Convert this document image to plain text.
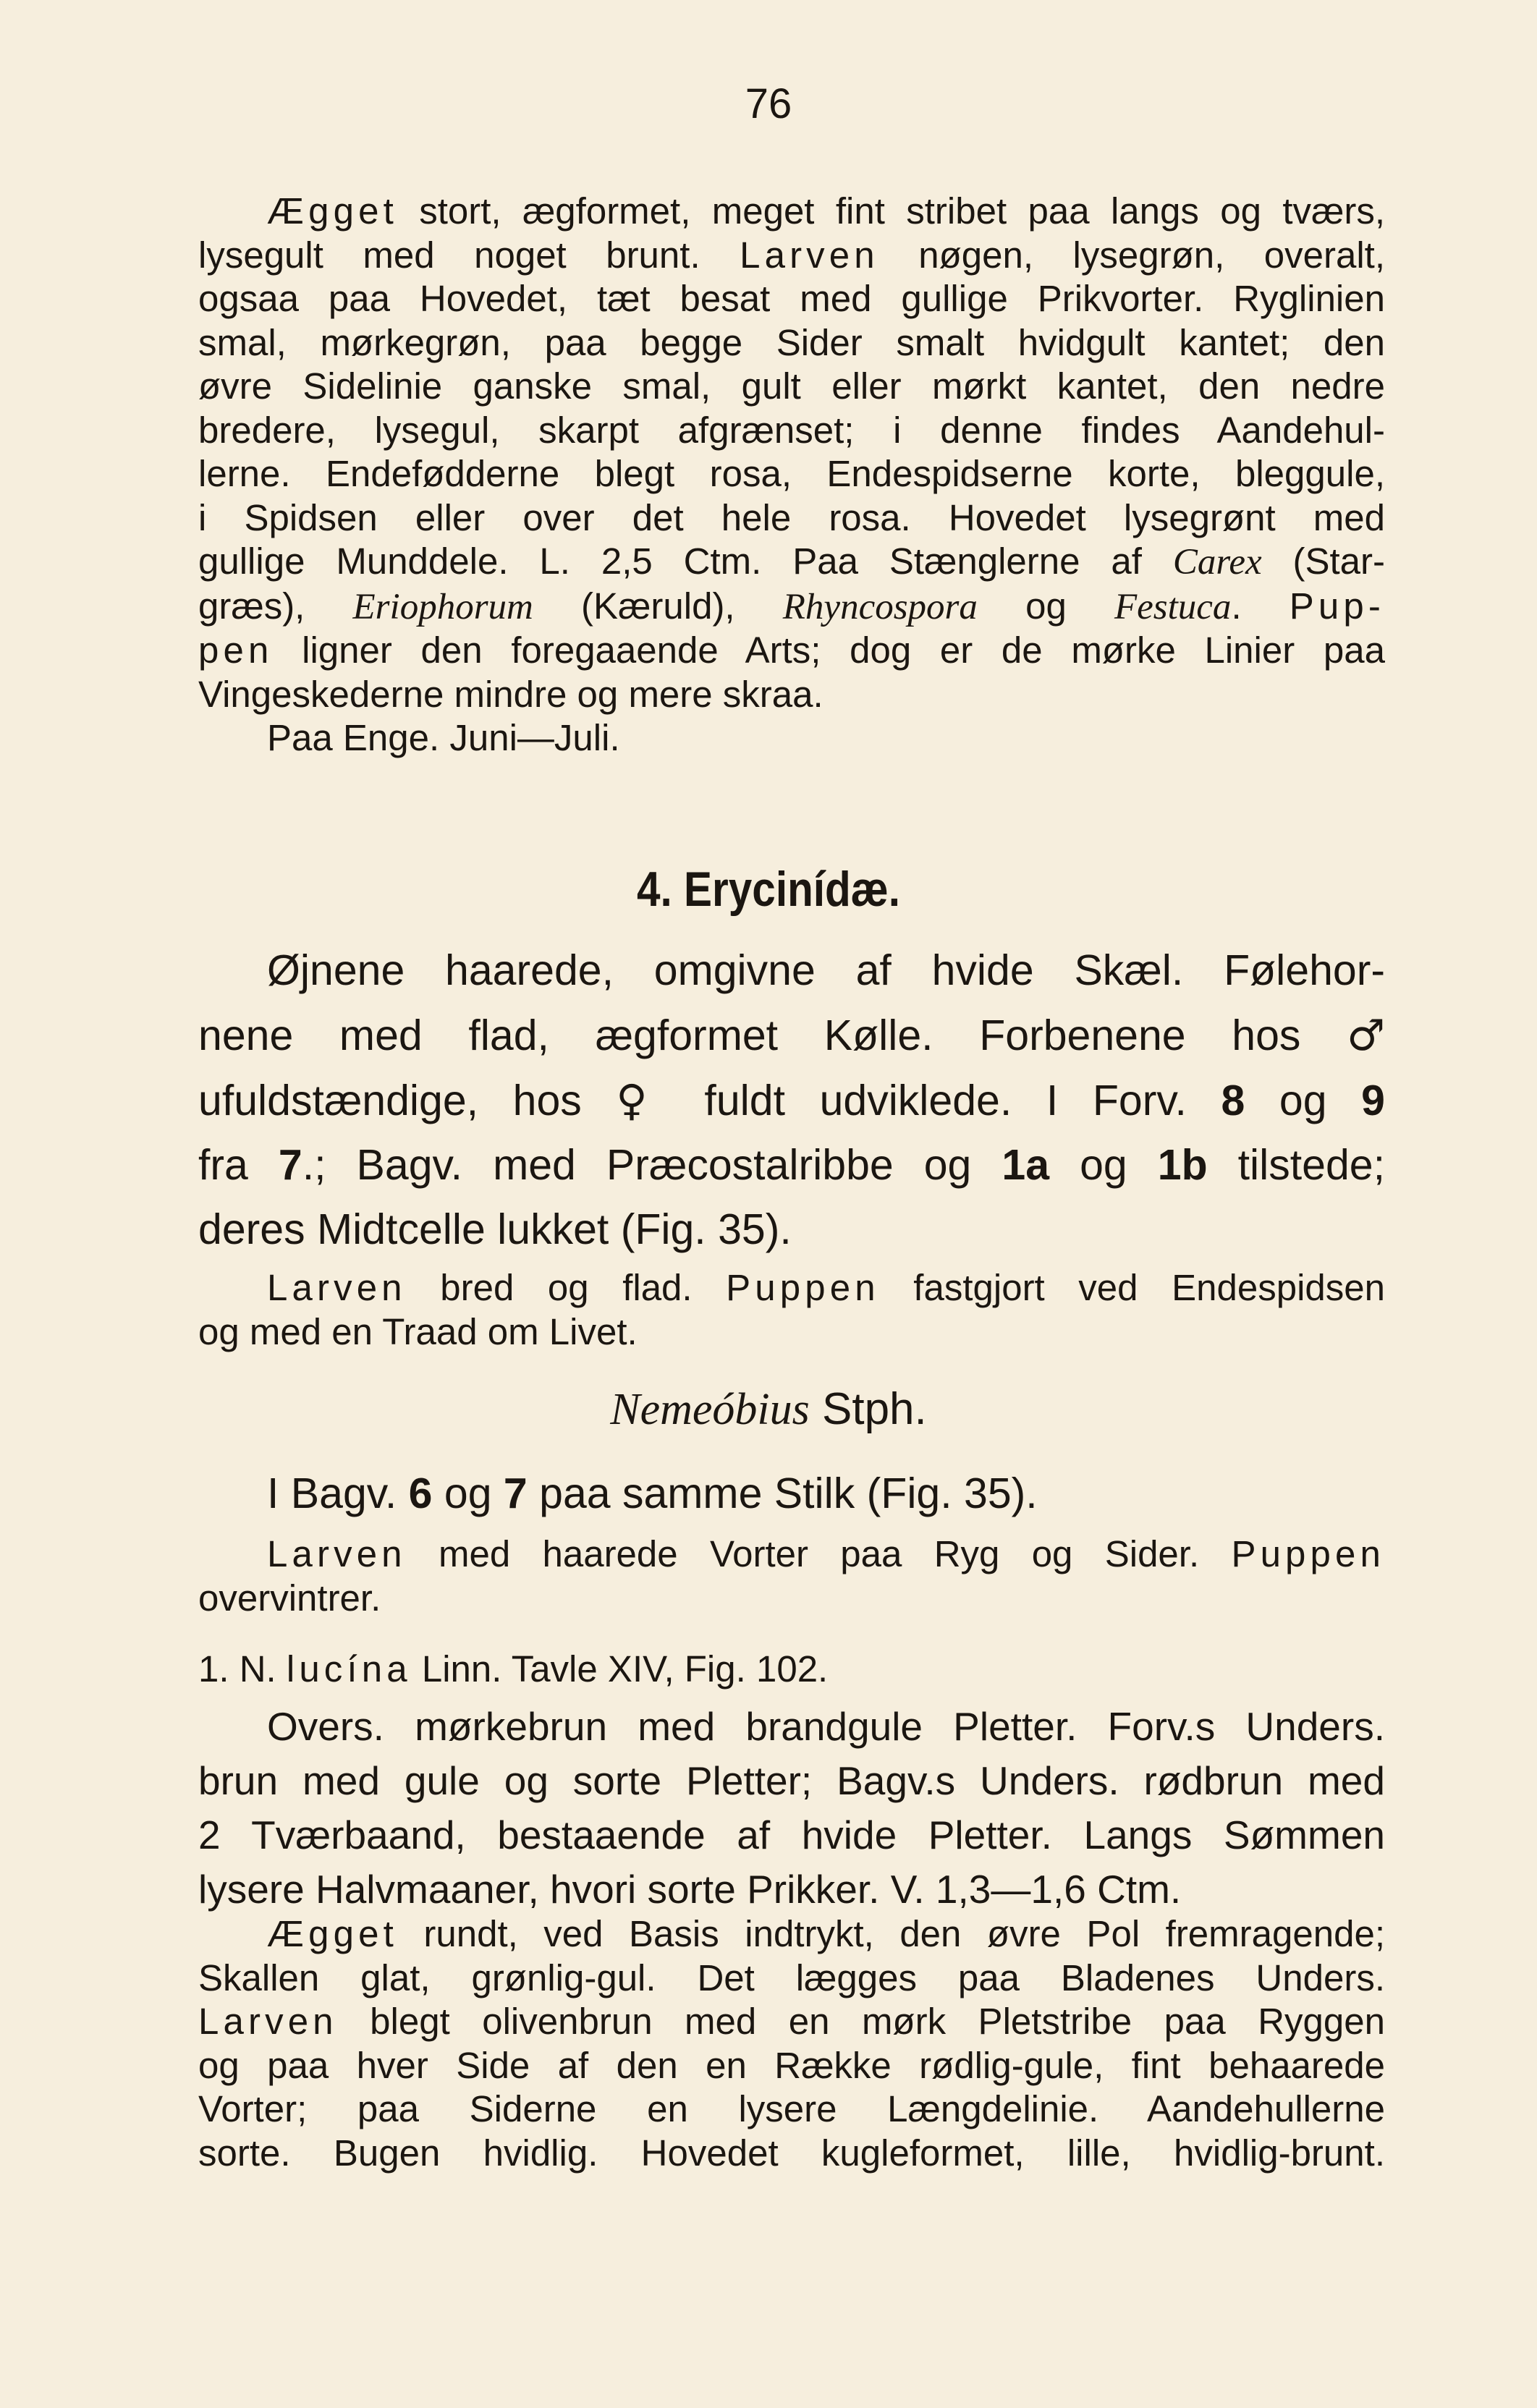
76
Ægget stort, ægformet, meget fint stribet paa langs og tværs,
lysegult med noget brunt. Larven nøgen, lysegrøn, overalt,
ogsaa paa Hovedet, tæt besat med gullige Prikvorter. Ryglinien
smal, mørkegrøn, paa begge Sider smalt hvidgult kantet; den
øvre Sidelinie ganske smal, gult eller mørkt kantet, den nedre
bredere, lysegul, skarpt afgrænset; i denne findes Aandehul-
lerne. Endefødderne blegt rosa, Endespidserne korte, bleggule,
i Spidsen eller over det hele rosa. Hovedet lysegrønt med
gullige Munddele. L. 2,5 Ctm. Paa Stænglerne af Carex (Star-
græs), Eriophorum (Kæruld), Rhyncospora og Festuca. Pup-
pen ligner den foregaaende Arts; dog er de mørke Linier paa
Vingeskederne mindre og mere skraa.
Paa Enge. Juni—Juli.
4. Erycinídæ.
Øjnene haarede, omgivne af hvide Skæl. Følehor-
nene med flad, ægformet Kølle. Forbenene hos ♂
ufuldstændige, hos ♀ fuldt udviklede. I Forv. 8 og 9
fra 7.; Bagv. med Præcostalribbe og 1a og 1b tilstede;
deres Midtcelle lukket (Fig. 35).
Larven bred og flad. Puppen fastgjort ved Endespidsen
og med en Traad om Livet.
Nemeóbius Stph.
I Bagv. 6 og 7 paa samme Stilk (Fig. 35).
Larven med haarede Vorter paa Ryg og Sider. Puppen
overvintrer.
1. N. lucína Linn. Tavle XIV, Fig. 102.
Overs. mørkebrun med brandgule Pletter. Forv.s Unders.
brun med gule og sorte Pletter; Bagv.s Unders. rødbrun med
2 Tværbaand, bestaaende af hvide Pletter. Langs Sømmen
lysere Halvmaaner, hvori sorte Prikker. V. 1,3—1,6 Ctm.
Ægget rundt, ved Basis indtrykt, den øvre Pol fremragende;
Skallen glat, grønlig-gul. Det lægges paa Bladenes Unders.
Larven blegt olivenbrun med en mørk Pletstribe paa Ryggen
og paa hver Side af den en Række rødlig-gule, fint behaarede
Vorter; paa Siderne en lysere Længdelinie. Aandehullerne
sorte. Bugen hvidlig. Hovedet kugleformet, lille, hvidlig-brunt.
